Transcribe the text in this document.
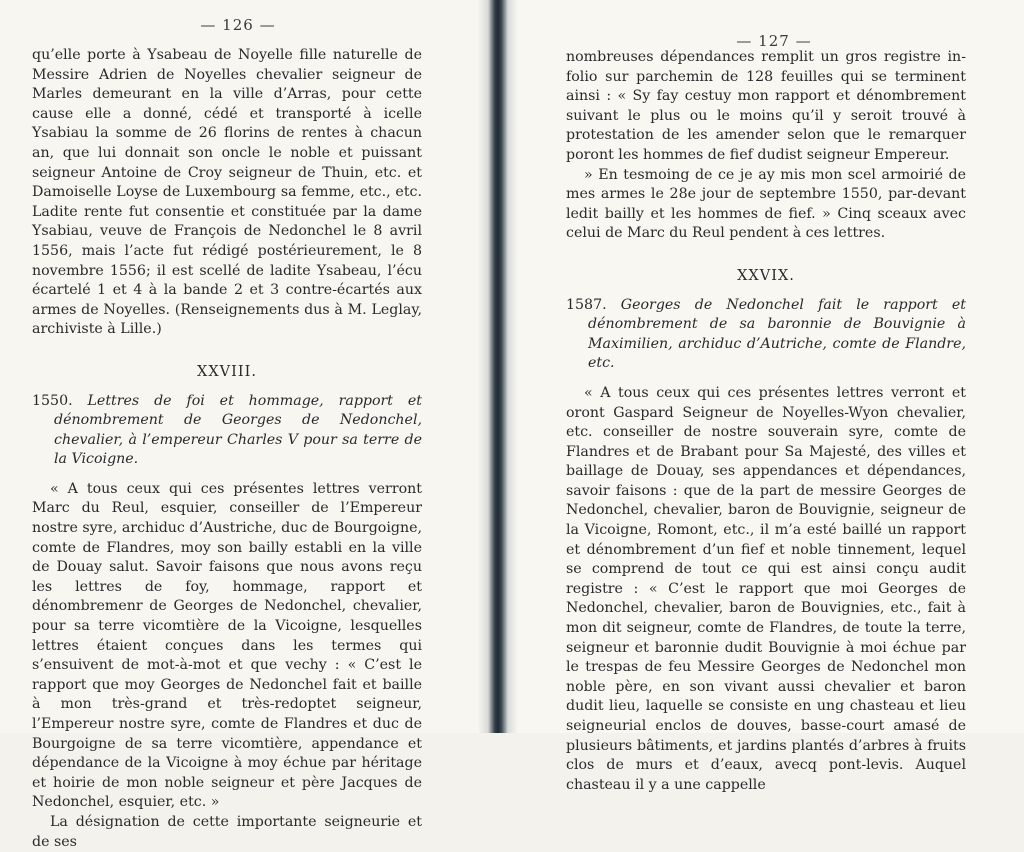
— 126 —

qu’elle porte à Ysabeau de Noyelle fille naturelle de Messire Adrien de Noyelles chevalier seigneur de Marles demeurant en la ville d’Arras, pour cette cause elle a donné, cédé et transporté à icelle Ysabiau la somme de 26 florins de rentes à chacun an, que lui donnait son oncle le noble et puissant seigneur Antoine de Croy seigneur de Thuin, etc. et Damoiselle Loyse de Luxembourg sa femme, etc., etc. Ladite rente fut consentie et constituée par la dame Ysabiau, veuve de François de Nedonchel le 8 avril 1556, mais l’acte fut rédigé postérieurement, le 8 novembre 1556; il est scellé de ladite Ysabeau, l’écu écartelé 1 et 4 à la bande 2 et 3 contre-écartés aux armes de Noyelles. (Renseignements dus à M. Leglay, archiviste à Lille.)

XXVIII.

1550. Lettres de foi et hommage, rapport et dénombrement de Georges de Nedonchel, chevalier, à l’empereur Charles V pour sa terre de la Vicoigne.

« A tous ceux qui ces présentes lettres verront Marc du Reul, esquier, conseiller de l’Empereur nostre syre, archiduc d’Austriche, duc de Bourgoigne, comte de Flandres, moy son bailly establi en la ville de Douay salut. Savoir faisons que nous avons reçu les lettres de foy, hommage, rapport et dénombremenr de Georges de Nedonchel, chevalier, pour sa terre vicomtière de la Vicoigne, lesquelles lettres étaient conçues dans les termes qui s’ensuivent de mot-à-mot et que vechy : « C’est le rapport que moy Georges de Nedonchel fait et baille à mon très-grand et très-redoptet seigneur, l’Empereur nostre syre, comte de Flandres et duc de Bourgoigne de sa terre vicomtière, appendance et dépendance de la Vicoigne à moy échue par héritage et hoirie de mon noble seigneur et père Jacques de Nedonchel, esquier, etc. »

La désignation de cette importante seigneurie et de ses

— 127 —

nombreuses dépendances remplit un gros registre in-folio sur parchemin de 128 feuilles qui se terminent ainsi : « Sy fay cestuy mon rapport et dénombrement suivant le plus ou le moins qu’il y seroit trouvé à protestation de les amender selon que le remarquer poront les hommes de fief dudist seigneur Empereur.

» En tesmoing de ce je ay mis mon scel armoirié de mes armes le 28e jour de septembre 1550, par-devant ledit bailly et les hommes de fief. » Cinq sceaux avec celui de Marc du Reul pendent à ces lettres.

XXVIX.

1587. Georges de Nedonchel fait le rapport et dénombrement de sa baronnie de Bouvignie à Maximilien, archiduc d’Autriche, comte de Flandre, etc.

« A tous ceux qui ces présentes lettres verront et oront Gaspard Seigneur de Noyelles-Wyon chevalier, etc. conseiller de nostre souverain syre, comte de Flandres et de Brabant pour Sa Majesté, des villes et baillage de Douay, ses appendances et dépendances, savoir faisons : que de la part de messire Georges de Nedonchel, chevalier, baron de Bouvignie, seigneur de la Vicoigne, Romont, etc., il m’a esté baillé un rapport et dénombrement d’un fief et noble tinnement, lequel se comprend de tout ce qui est ainsi conçu audit registre : « C’est le rapport que moi Georges de Nedonchel, chevalier, baron de Bouvignies, etc., fait à mon dit seigneur, comte de Flandres, de toute la terre, seigneur et baronnie dudit Bouvignie à moi échue par le trespas de feu Messire Georges de Nedonchel mon noble père, en son vivant aussi chevalier et baron dudit lieu, laquelle se consiste en ung chasteau et lieu seigneurial enclos de douves, basse-court amasé de plusieurs bâtiments, et jardins plantés d’arbres à fruits clos de murs et d’eaux, avecq pont-levis. Auquel chasteau il y a une cappelle
